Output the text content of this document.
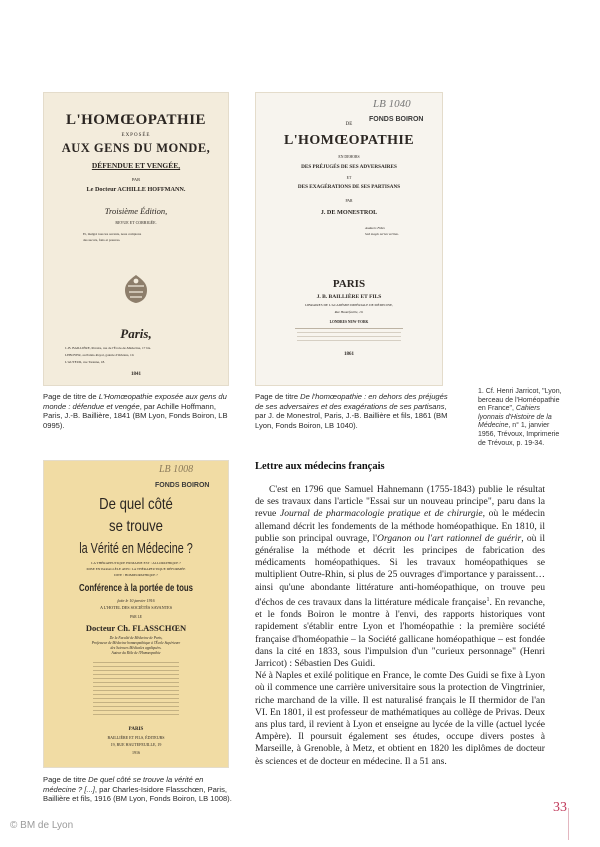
L'HOMŒOPATHIE
EXPOSÉE
AUX GENS DU MONDE,
DÉFENDUE ET VENGÉE,
PAR
Le Docteur ACHILLE HOFFMANN.
Troisième Édition,
REVUE ET CORRIGÉE.
Et, malgré tous les savants, nous comptons
des succès, faits et preuves.
Paris,
J.-B. BAILLIÈRE, libraire, rue de l'École-de-Médecine, 17 bis.
LEBOYER, au Palais-Royal, galerie d'Orléans, 10.
L'AUTEUR, rue Taranne, 18.
1841
LB 1040
FONDS BOIRON
DE
L'HOMŒOPATHIE
EN DEHORS
DES PRÉJUGÉS DE SES ADVERSAIRES
ET
DES EXAGÉRATIONS DE SES PARTISANS
PAR
J. DE MONESTROL
Audaces Fides
Sed magis sertus veritas.
PARIS
J. B. BAILLIÈRE ET FILS
LIBRAIRES DE L'ACADÉMIE IMPÉRIALE DE MÉDECINE,
Rue Hautefeuille, 19.
LONDRES NEW-YORK
1861
LB 1008
FONDS BOIRON
De quel côté
se trouve
la Vérité en Médecine ?
LA THÉRAPEUTIQUE HUMAINE EST : ALLOPATHIQUE ?
MISE EN PARALLÈLE AVEC LA THÉRAPEUTIQUE DÉFORMÉE
DITE : HOMŒOPATHIQUE ?
Conférence à la portée de tous
faite le 10 janvier 1916
A L'HOTEL DES SOCIÉTÉS SAVANTES
PAR LE
Docteur Ch. FLASSCHŒN
De la Faculté de Médecine de Paris,
Professeur de Médecine homœopathique à l'École Supérieure
des Sciences Médicales appliquées.
Auteur du Rôle de l'Homœopathie
PARIS
BAILLIÈRE ET FILS, ÉDITEURS
19, RUE HAUTEFEUILLE, 19
1916
Page de titre de L'Homœopathie exposée aux gens du monde : défendue et vengée, par Achille Hoffmann, Paris, J.-B. Baillière, 1841 (BM Lyon, Fonds Boiron, LB 0995).
Page de titre De l'homœopathie : en dehors des préjugés de ses adversaires et des exagérations de ses partisans, par J. de Monestrol, Paris, J.-B. Baillière et fils, 1861 (BM Lyon, Fonds Boiron, LB 1040).
Page de titre De quel côté se trouve la vérité en médecine ? [...], par Charles-Isidore Flasschœn, Paris, Baillière et fils, 1916 (BM Lyon, Fonds Boiron, LB 1008).
1. Cf. Henri Jarricot, "Lyon, berceau de l'Homéopathie en France", Cahiers lyonnais d'Histoire de la Médecine, n° 1, janvier 1956, Trévoux, Imprimerie de Trévoux, p. 19-34.
Lettre aux médecins français

C'est en 1796 que Samuel Hahnemann (1755-1843) publie le résultat de ses travaux dans l'article "Essai sur un nouveau principe", paru dans la revue Journal de pharmacologie pratique et de chirurgie, où le médecin allemand décrit les fondements de la méthode homéopathique. En 1810, il publie son principal ouvrage, l'Organon ou l'art rationnel de guérir, où il généralise la méthode et décrit les principes de fabrication des médicaments homéopathiques. Si les travaux homéopathiques se multiplient Outre-Rhin, si plus de 25 ouvrages d'importance y paraissent… ainsi qu'une abondante littérature anti-homéopathique, on trouve peu d'échos de ces travaux dans la littérature médicale française$^1$. En revanche, et le fonds Boiron le montre à l'envi, des rapports historiques vont rapidement s'établir entre Lyon et l'homéopathie : la première société française d'homéopathie – la Société gallicane homéopathique – est fondée dans la cité en 1833, sous l'impulsion d'un "curieux personnage" (Henri Jarricot) : Sébastien Des Guidi.

Né à Naples et exilé politique en France, le comte Des Guidi se fixe à Lyon où il commence une carrière universitaire sous la protection de Vingtrinier, riche marchand de la ville. Il est naturalisé français le II thermidor de l'an VI. En 1801, il est professeur de mathématiques au collège de Privas. Deux ans plus tard, il revient à Lyon et enseigne au lycée de la ville (actuel lycée Ampère). Il poursuit également ses études, occupe divers postes à Marseille, à Grenoble, à Metz, et obtient en 1820 les diplômes de docteur ès sciences et de docteur en médecine. Il a 51 ans.

© BM de Lyon
33
